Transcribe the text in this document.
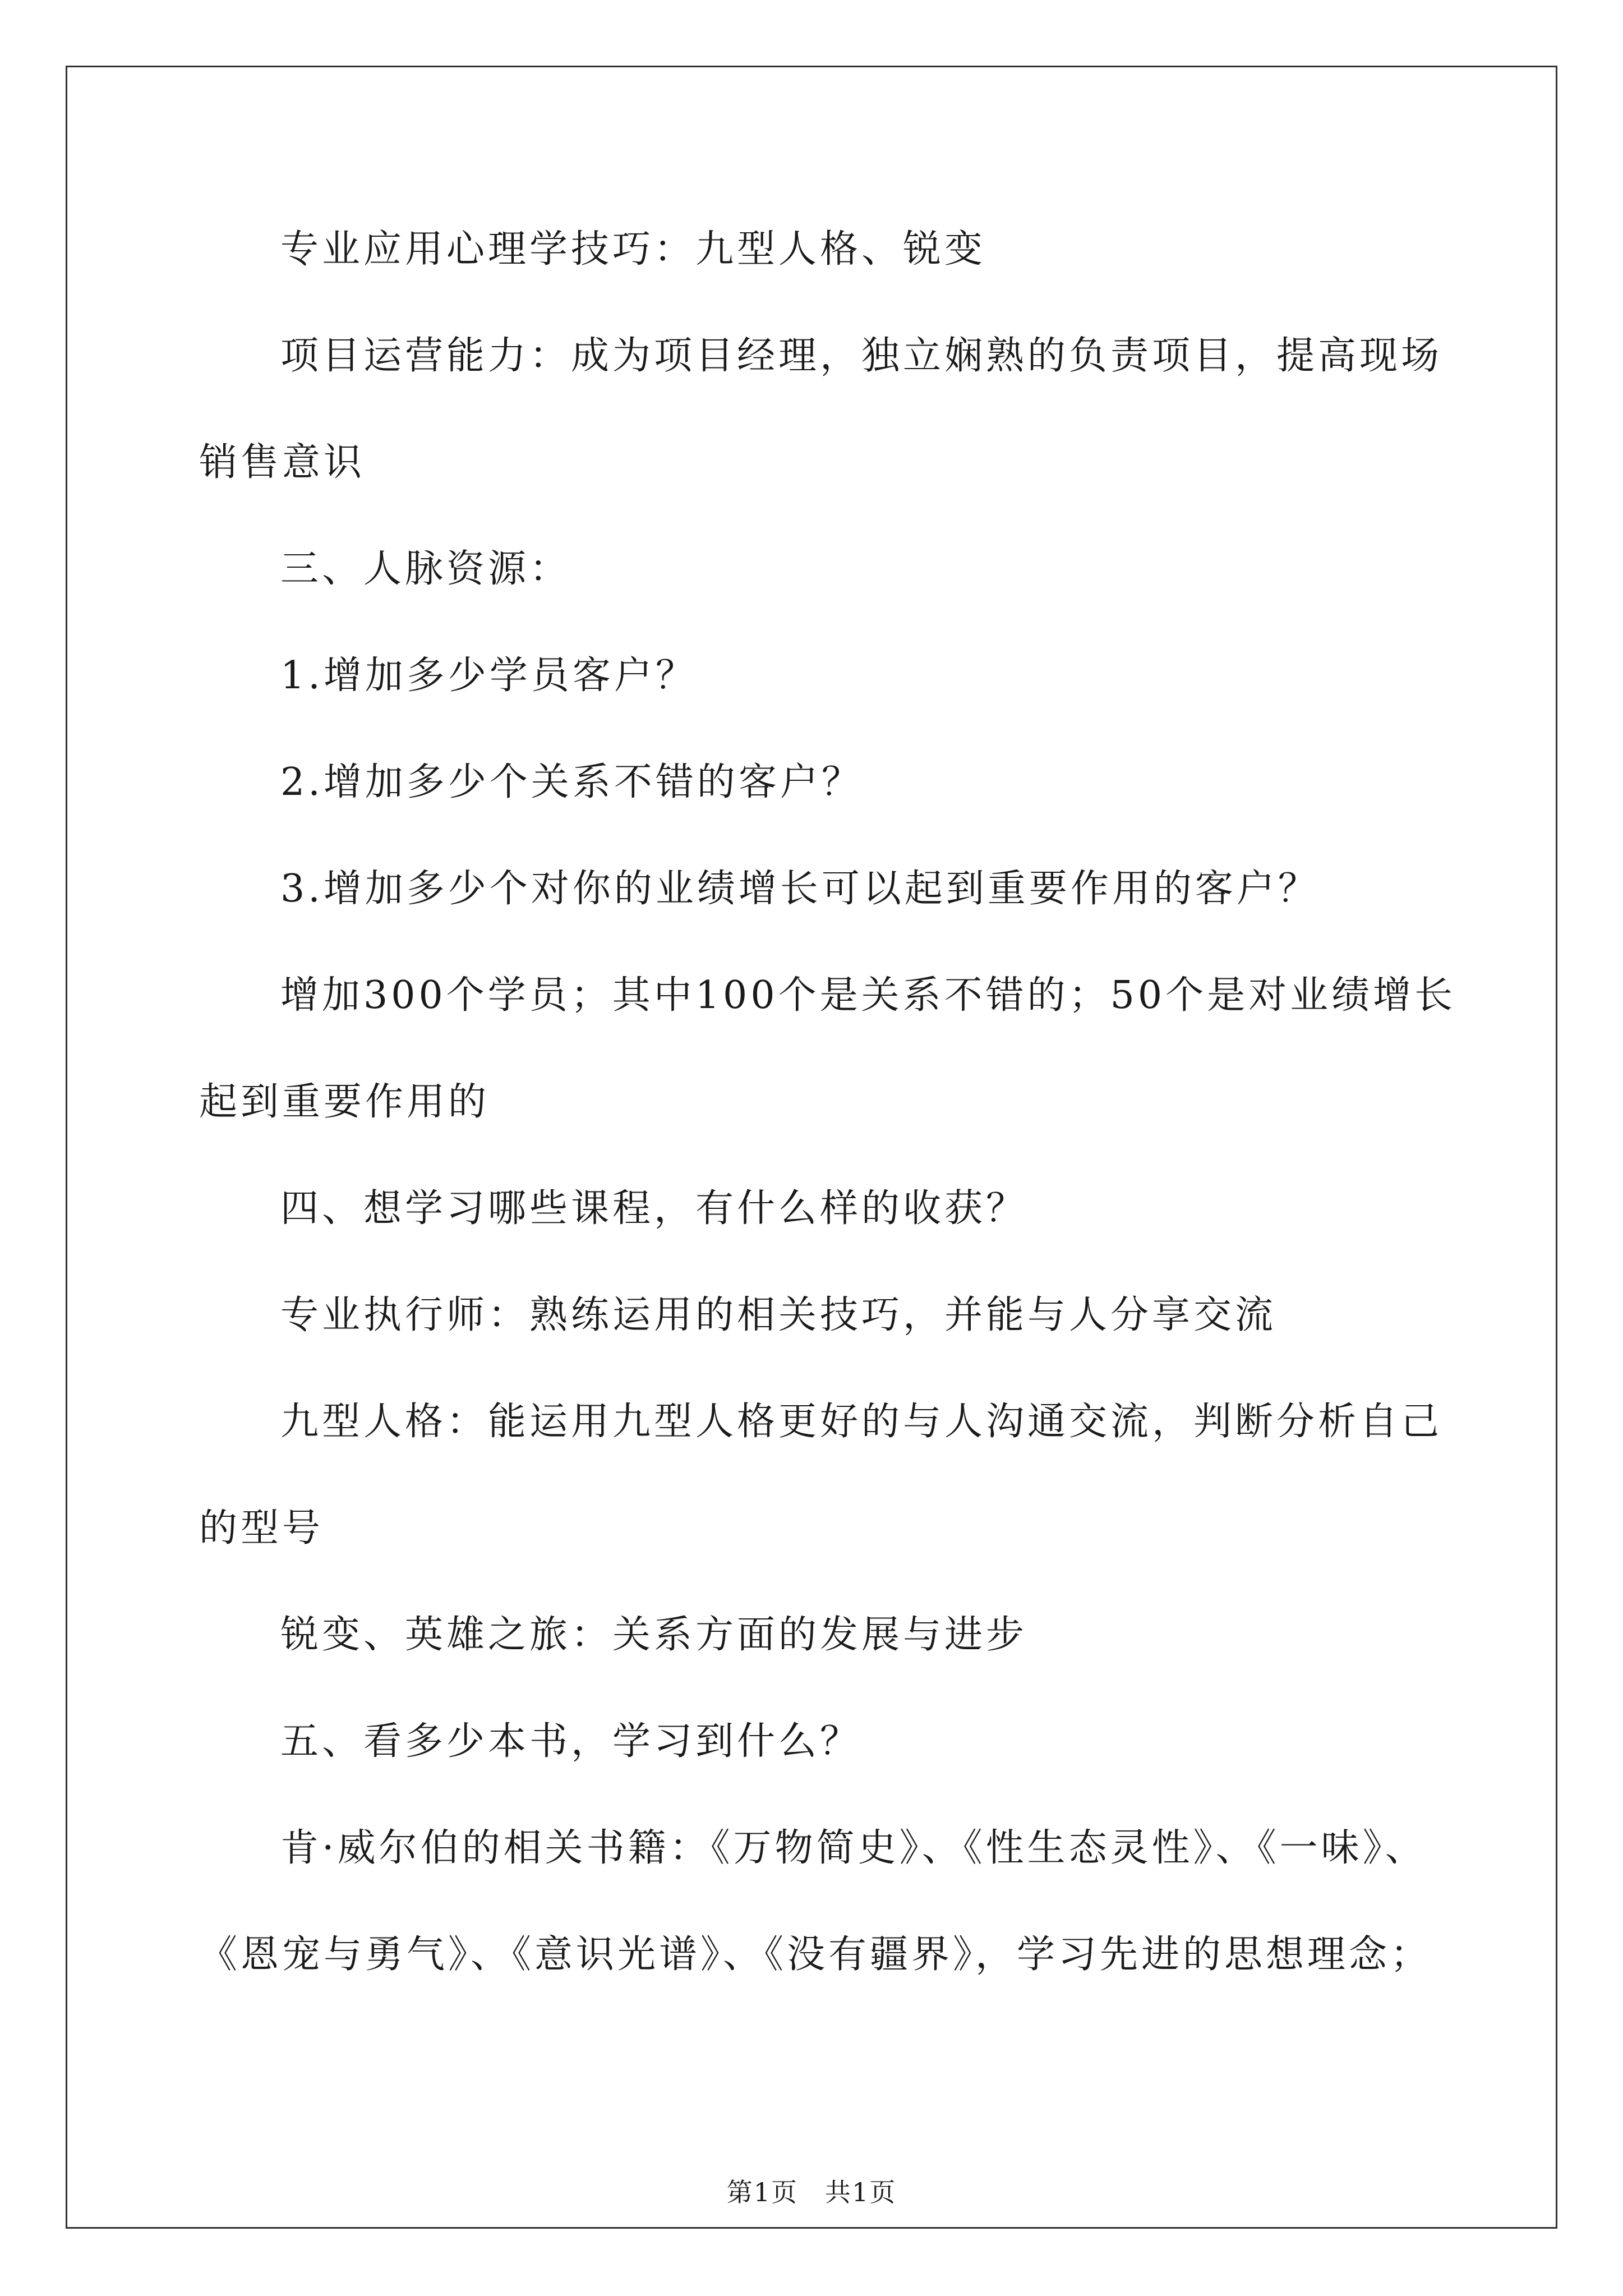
专业应用心理学技巧：九型人格、锐变
项目运营能力：成为项目经理，独立娴熟的负责项目，提高现场
销售意识
三、人脉资源：
1.增加多少学员客户？
2.增加多少个关系不错的客户？
3.增加多少个对你的业绩增长可以起到重要作用的客户？
增加300个学员；其中100个是关系不错的；50个是对业绩增长
起到重要作用的
四、想学习哪些课程，有什么样的收获？
专业执行师：熟练运用的相关技巧，并能与人分享交流
九型人格：能运用九型人格更好的与人沟通交流，判断分析自己
的型号
锐变、英雄之旅：关系方面的发展与进步
五、看多少本书，学习到什么？
肯·威尔伯的相关书籍：《万物简史》、《性生态灵性》、《一味》、
《恩宠与勇气》、《意识光谱》、《没有疆界》，学习先进的思想理念；
第1页　共1页
